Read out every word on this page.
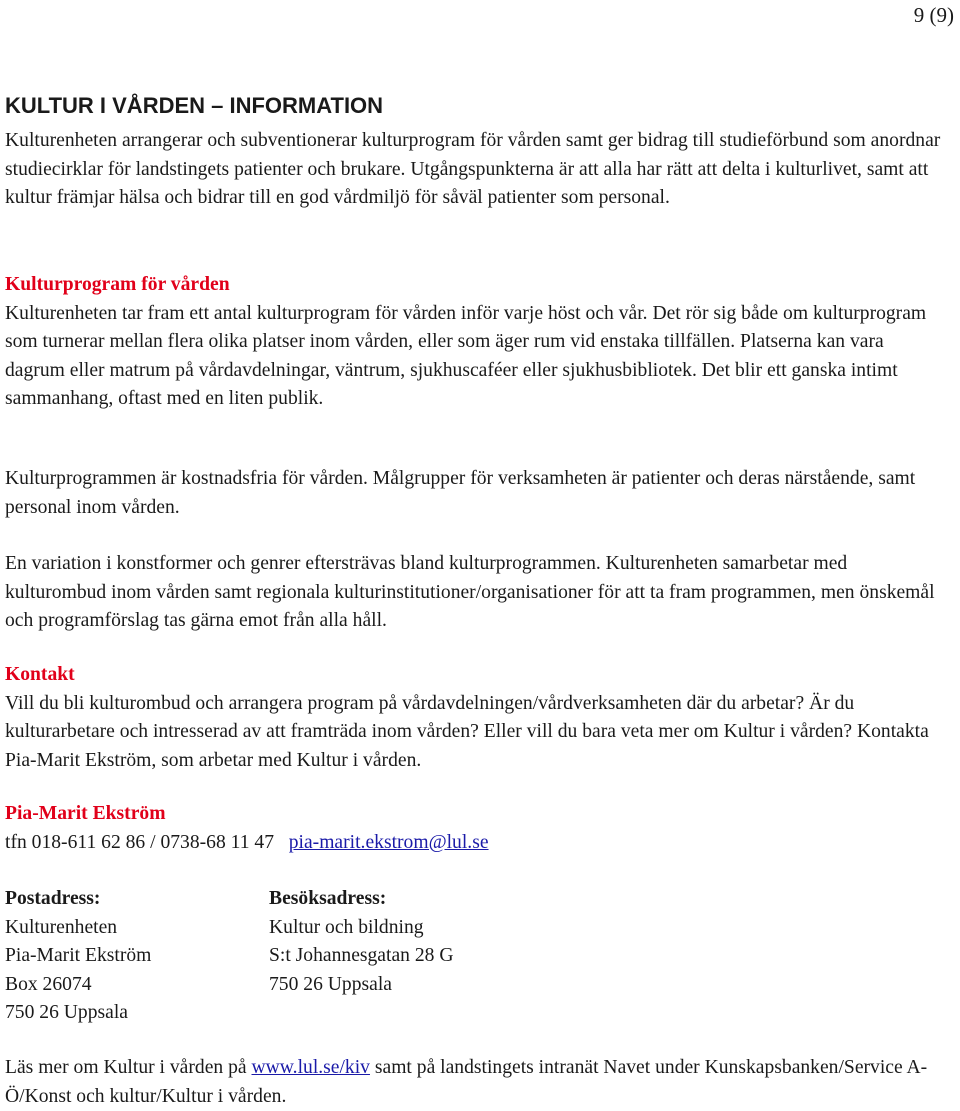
9 (9)
KULTUR I VÅRDEN – INFORMATION

Kulturenheten arrangerar och subventionerar kulturprogram för vården samt ger bidrag till studieförbund som anordnar studiecirklar för landstingets patienter och brukare. Utgångspunkterna är att alla har rätt att delta i kulturlivet, samt att kultur främjar hälsa och bidrar till en god vårdmiljö för såväl patienter som personal.

Kulturprogram för vården
Kulturenheten tar fram ett antal kulturprogram för vården inför varje höst och vår. Det rör sig både om kulturprogram som turnerar mellan flera olika platser inom vården, eller som äger rum vid enstaka tillfällen. Platserna kan vara dagrum eller matrum på vårdavdelningar, väntrum, sjukhuscaféer eller sjukhusbibliotek. Det blir ett ganska intimt sammanhang, oftast med en liten publik.

Kulturprogrammen är kostnadsfria för vården. Målgrupper för verksamheten är patienter och deras närstående, samt personal inom vården.

En variation i konstformer och genrer eftersträvas bland kulturprogrammen. Kulturenheten samarbetar med kulturombud inom vården samt regionala kulturinstitutioner/organisationer för att ta fram programmen, men önskemål och programförslag tas gärna emot från alla håll.

Kontakt
Vill du bli kulturombud och arrangera program på vårdavdelningen/vårdverksamheten där du arbetar? Är du kulturarbetare och intresserad av att framträda inom vården? Eller vill du bara veta mer om Kultur i vården? Kontakta Pia-Marit Ekström, som arbetar med Kultur i vården.
Pia-Marit Ekström
tfn 018-611 62 86 / 0738-68 11 47 pia-marit.ekstrom@lul.se
Postadress:
Kulturenheten
Pia-Marit Ekström
Box 26074
750 26 Uppsala
Besöksadress:
Kultur och bildning
S:t Johannesgatan 28 G
750 26 Uppsala

Läs mer om Kultur i vården på www.lul.se/kiv samt på landstingets intranät Navet under Kunskapsbanken/Service A-Ö/Konst och kultur/Kultur i vården.
